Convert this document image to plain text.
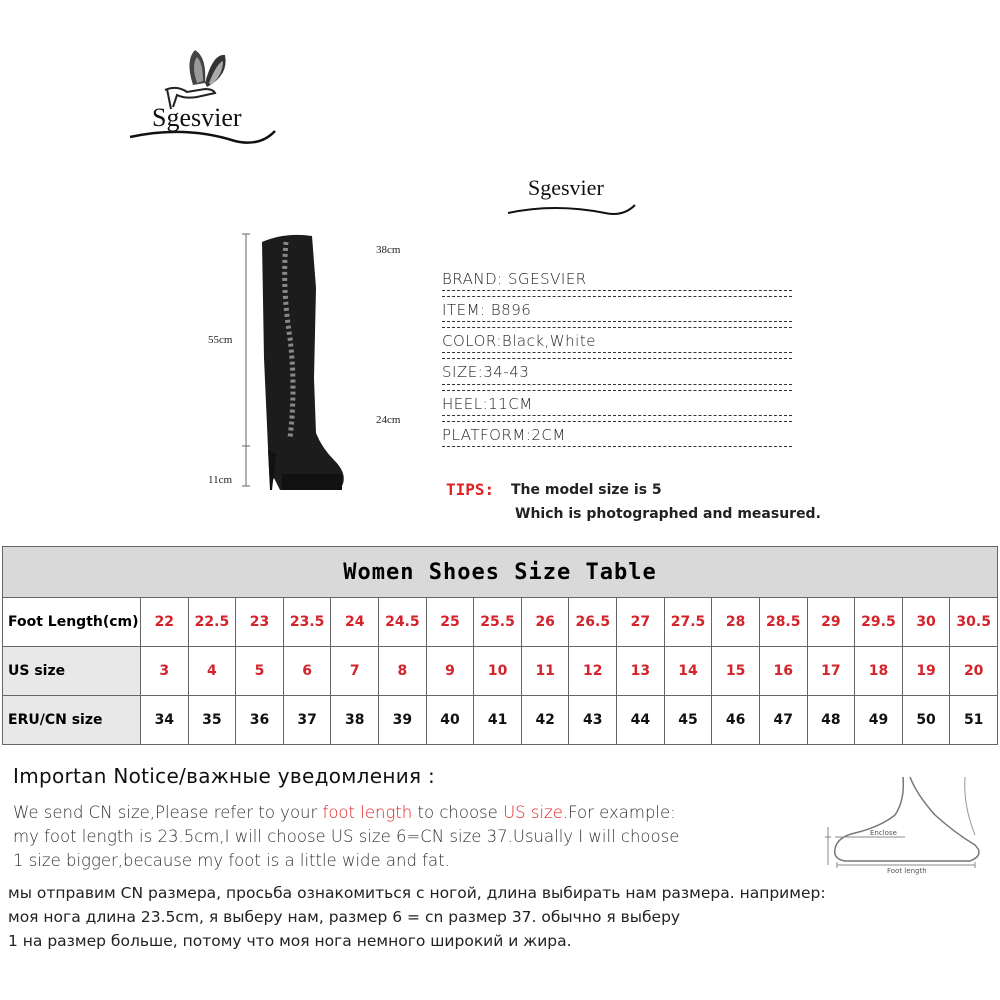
Sgesvier
Sgesvier
38cm
55cm
24cm
11cm
BRAND: SGESVIER
ITEM: B896
COLOR:Black,White
SIZE:34-43
HEEL:11CM
PLATFORM:2CM
TIPS: The model size is 5
Which is photographed and measured.
Women Shoes Size Table																		
Foot Length(cm)	22	22.5	23	23.5	24	24.5	25	25.5	26	26.5	27	27.5	28	28.5	29	29.5	30	30.5
US size	3	4	5	6	7	8	9	10	11	12	13	14	15	16	17	18	19	20
ERU/CN size	34	35	36	37	38	39	40	41	42	43	44	45	46	47	48	49	50	51
Importan Notice/важные уведомления :
We send CN size,Please refer to your foot length to choose US size.For example:
my foot length is 23.5cm,I will choose US size 6=CN size 37.Usually I will choose
1 size bigger,because my foot is a little wide and fat.
мы отправим CN размера, просьба ознакомиться с ногой, длина выбирать нам размера. например:
моя нога длина 23.5cm, я выберу нам, размер 6 = cn размер 37. обычно я выберу
1 на размер больше, потому что моя нога немного широкий и жира.
Enclose
Foot length
